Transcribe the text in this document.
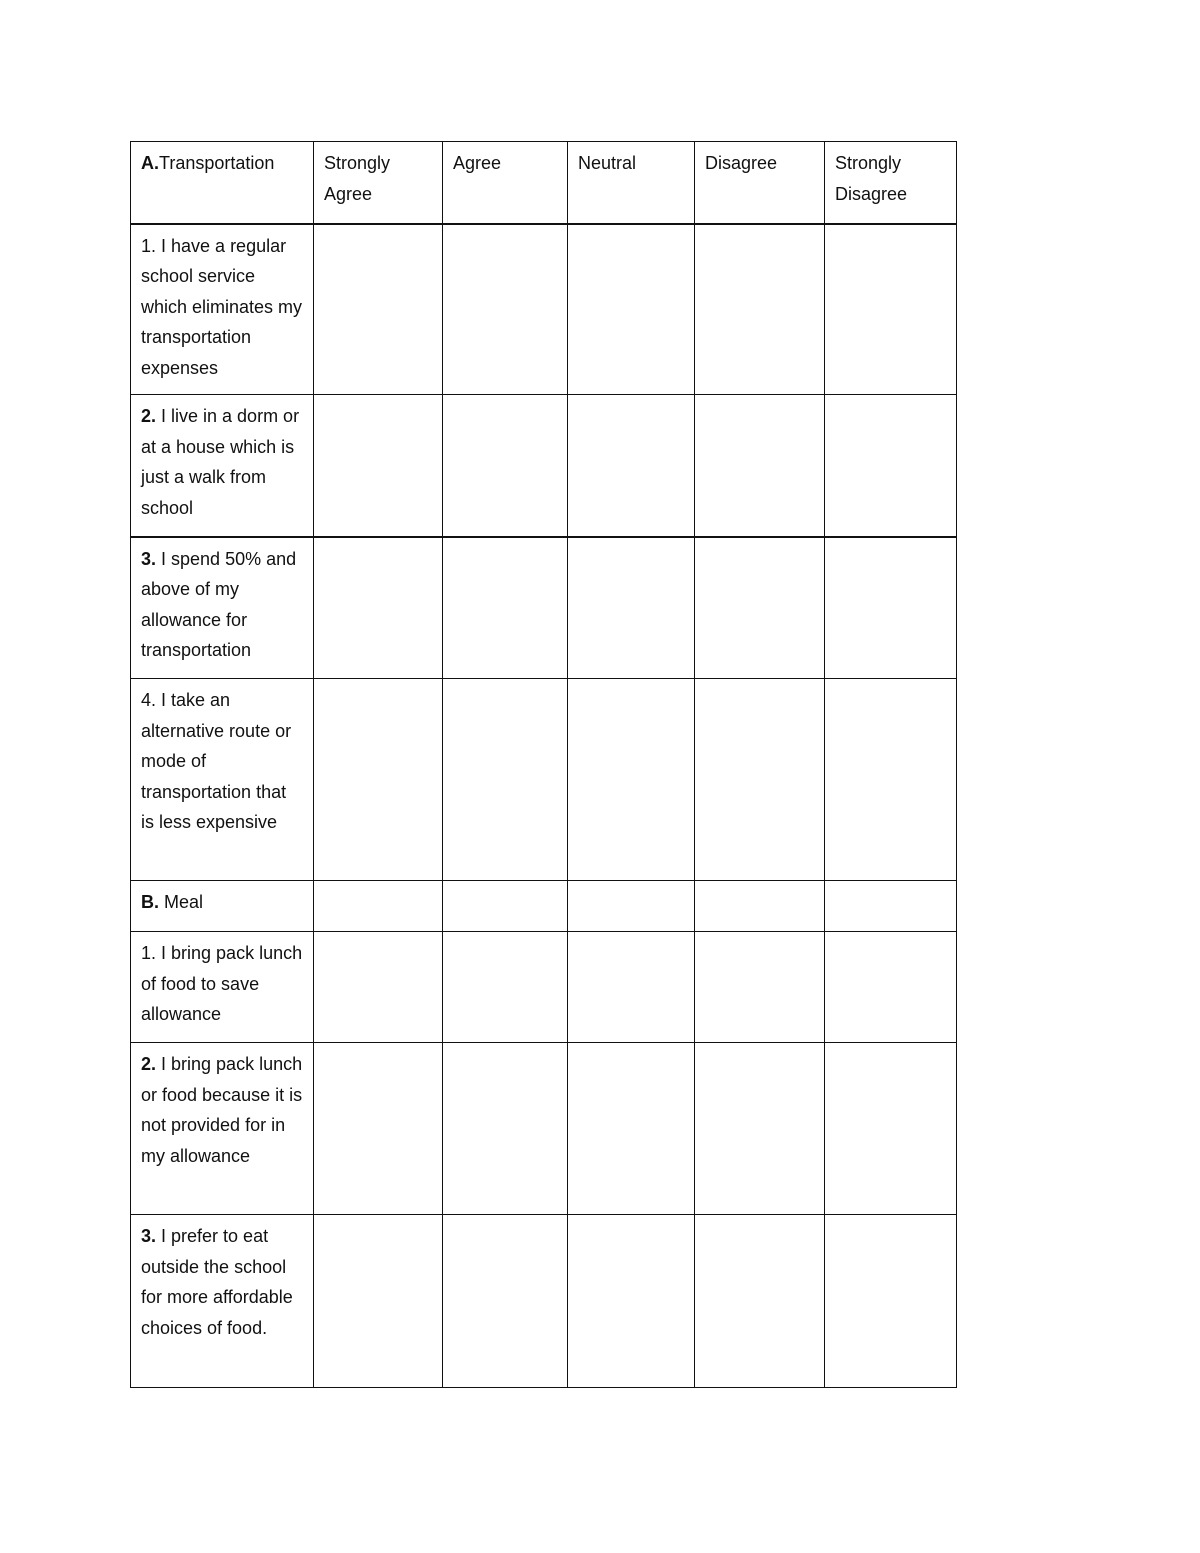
A.Transportation	Strongly Agree	Agree	Neutral	Disagree	Strongly Disagree
1. I have a regular school service which eliminates my transportation expenses					
2. I live in a dorm or at a house which is just a walk from school					
3. I spend 50% and above of my allowance for transportation					
4. I take an alternative route or mode of transportation that is less expensive					
B. Meal					
1. I bring pack lunch of food to save allowance					
2. I bring pack lunch or food because it is not provided for in my allowance					
3. I prefer to eat outside the school for more affordable choices of food.					
